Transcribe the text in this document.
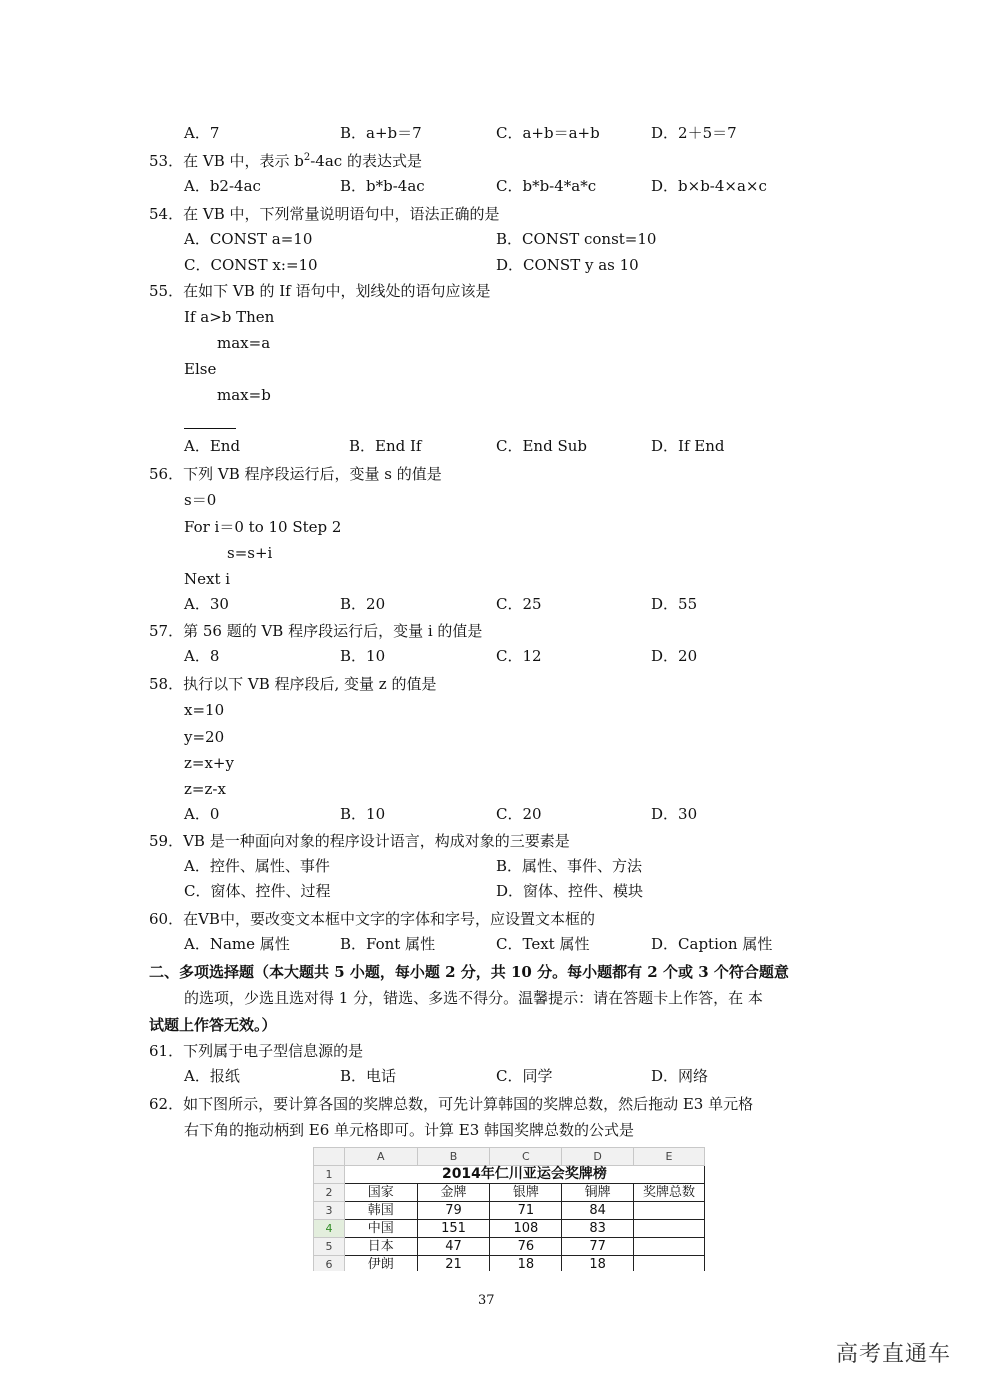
A．7	B．a+b＝7	C．a+b＝a+b	D．2＋5＝7
53．在 VB 中，表示 $b^2-4ac$ 的表达式是
A．b2-4ac	B．b*b-4ac	C．b*b-4*a*c	D．b×b-4×a×c
54．在 VB 中，下列常量说明语句中，语法正确的是
A．CONST a=10	B．CONST const=10
C．CONST x:=10	D．CONST y as 10
55．在如下 VB 的 If 语句中，划线处的语句应该是
If a>b Then
max=a
Else
max=b
A．End	B．End If	C．End Sub	D．If End
56．下列 VB 程序段运行后，变量 s 的值是
s＝0
For i＝0 to 10 Step 2
s=s+i
Next i
A．30	B．20	C．25	D．55
57．第 56 题的 VB 程序段运行后，变量 i 的值是
A．8	B．10	C．12	D．20
58．执行以下 VB 程序段后, 变量 z 的值是
x=10
y=20
z=x+y
z=z-x
A．0	B．10	C．20	D．30
59．VB 是一种面向对象的程序设计语言，构成对象的三要素是
A．控件、属性、事件	B．属性、事件、方法
C．窗体、控件、过程	D．窗体、控件、模块
60．在VB中，要改变文本框中文字的字体和字号，应设置文本框的
A．Name 属性	B．Font 属性	C．Text 属性	D．Caption 属性
二、多项选择题（本大题共 5 小题，每小题 2 分，共 10 分。每小题都有 2 个或 3 个符合题意
的选项，少选且选对得 1 分，错选、多选不得分。温馨提示：请在答题卡上作答，在 本
试题上作答无效。）
61．下列属于电子型信息源的是
A．报纸	B．电话	C．同学	D．网络
62．如下图所示，要计算各国的奖牌总数，可先计算韩国的奖牌总数，然后拖动 E3 单元格
右下角的拖动柄到 E6 单元格即可。计算 E3 韩国奖牌总数的公式是
	A	B	C	D	E
1	2014年仁川亚运会奖牌榜				
2	国家	金牌	银牌	铜牌	奖牌总数
3	韩国	79	71	84	
4	中国	151	108	83	
5	日本	47	76	77	
6	伊朗	21	18	18	
37
高考直通车
